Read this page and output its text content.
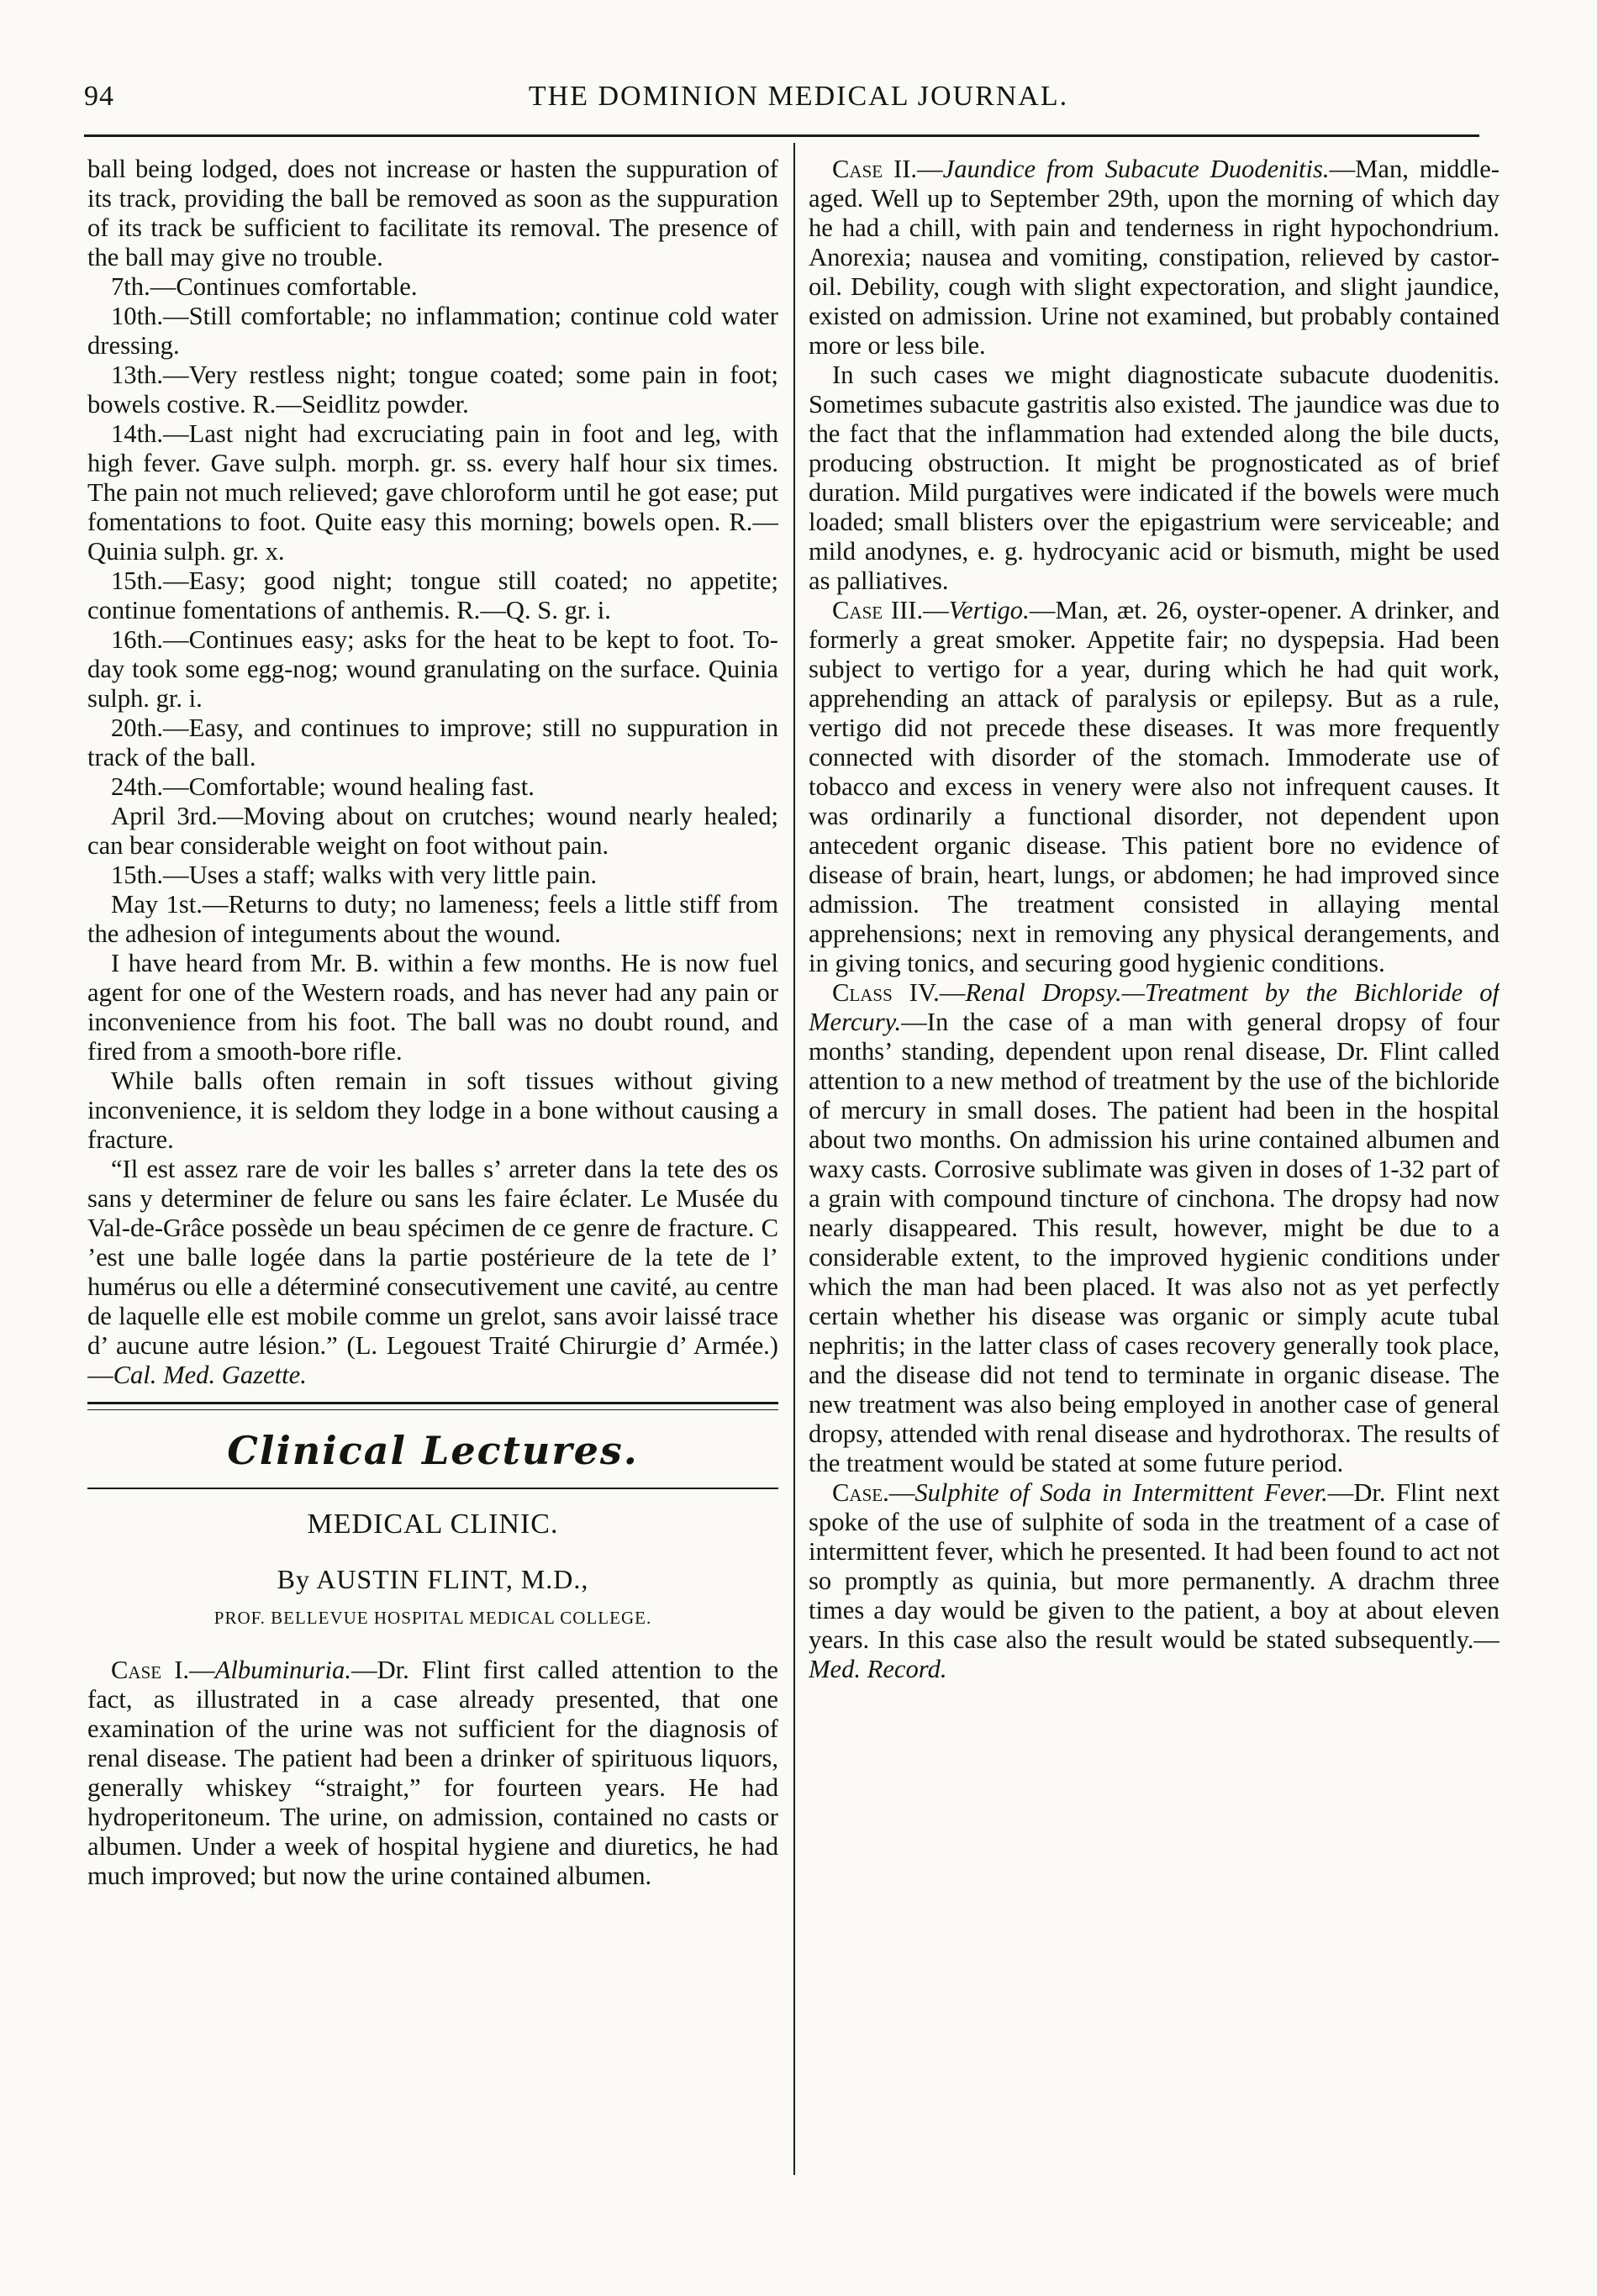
94	THE DOMINION MEDICAL JOURNAL.

ball being lodged, does not increase or hasten the suppuration of its track, providing the ball be removed as soon as the suppuration of its track be sufficient to facilitate its removal. The presence of the ball may give no trouble.

7th.—Continues comfortable.

10th.—Still comfortable; no inflammation; continue cold water dressing.

13th.—Very restless night; tongue coated; some pain in foot; bowels costive. R.—Seidlitz powder.

14th.—Last night had excruciating pain in foot and leg, with high fever. Gave sulph. morph. gr. ss. every half hour six times. The pain not much relieved; gave chloroform until he got ease; put fomentations to foot. Quite easy this morning; bowels open. R.—Quinia sulph. gr. x.

15th.—Easy; good night; tongue still coated; no appetite; continue fomentations of anthemis. R.—Q. S. gr. i.

16th.—Continues easy; asks for the heat to be kept to foot. To-day took some egg-nog; wound granulating on the surface. Quinia sulph. gr. i.

20th.—Easy, and continues to improve; still no suppuration in track of the ball.

24th.—Comfortable; wound healing fast.

April 3rd.—Moving about on crutches; wound nearly healed; can bear considerable weight on foot without pain.

15th.—Uses a staff; walks with very little pain.

May 1st.—Returns to duty; no lameness; feels a little stiff from the adhesion of integuments about the wound.

I have heard from Mr. B. within a few months. He is now fuel agent for one of the Western roads, and has never had any pain or inconvenience from his foot. The ball was no doubt round, and fired from a smooth-bore rifle.

While balls often remain in soft tissues without giving inconvenience, it is seldom they lodge in a bone without causing a fracture.

“Il est assez rare de voir les balles s’ arreter dans la tete des os sans y determiner de felure ou sans les faire éclater. Le Musée du Val-de-Grâce possède un beau spécimen de ce genre de fracture. C ’est une balle logée dans la partie postérieure de la tete de l’ humérus ou elle a déterminé consecutivement une cavité, au centre de laquelle elle est mobile comme un grelot, sans avoir laissé trace d’ aucune autre lésion.” (L. Legouest Traité Chirurgie d’ Armée.)—Cal. Med. Gazette.

Clinical Lectures.
MEDICAL CLINIC.
By AUSTIN FLINT, M.D.,
PROF. BELLEVUE HOSPITAL MEDICAL COLLEGE.

Case I.—Albuminuria.—Dr. Flint first called attention to the fact, as illustrated in a case already presented, that one examination of the urine was not sufficient for the diagnosis of renal disease. The patient had been a drinker of spirituous liquors, generally whiskey “straight,” for fourteen years. He had hydroperitoneum. The urine, on admission, contained no casts or albumen. Under a week of hospital hygiene and diuretics, he had much improved; but now the urine contained albumen.

Case II.—Jaundice from Subacute Duodenitis.—Man, middle-aged. Well up to September 29th, upon the morning of which day he had a chill, with pain and tenderness in right hypochondrium. Anorexia; nausea and vomiting, constipation, relieved by castor-oil. Debility, cough with slight expectoration, and slight jaundice, existed on admission. Urine not examined, but probably contained more or less bile.

In such cases we might diagnosticate subacute duodenitis. Sometimes subacute gastritis also existed. The jaundice was due to the fact that the inflammation had extended along the bile ducts, producing obstruction. It might be prognosticated as of brief duration. Mild purgatives were indicated if the bowels were much loaded; small blisters over the epigastrium were serviceable; and mild anodynes, e. g. hydrocyanic acid or bismuth, might be used as palliatives.

Case III.—Vertigo.—Man, æt. 26, oyster-opener. A drinker, and formerly a great smoker. Appetite fair; no dyspepsia. Had been subject to vertigo for a year, during which he had quit work, apprehending an attack of paralysis or epilepsy. But as a rule, vertigo did not precede these diseases. It was more frequently connected with disorder of the stomach. Immoderate use of tobacco and excess in venery were also not infrequent causes. It was ordinarily a functional disorder, not dependent upon antecedent organic disease. This patient bore no evidence of disease of brain, heart, lungs, or abdomen; he had improved since admission. The treatment consisted in allaying mental apprehensions; next in removing any physical derangements, and in giving tonics, and securing good hygienic conditions.

Class IV.—Renal Dropsy.—Treatment by the Bichloride of Mercury.—In the case of a man with general dropsy of four months’ standing, dependent upon renal disease, Dr. Flint called attention to a new method of treatment by the use of the bichloride of mercury in small doses. The patient had been in the hospital about two months. On admission his urine contained albumen and waxy casts. Corrosive sublimate was given in doses of 1-32 part of a grain with compound tincture of cinchona. The dropsy had now nearly disappeared. This result, however, might be due to a considerable extent, to the improved hygienic conditions under which the man had been placed. It was also not as yet perfectly certain whether his disease was organic or simply acute tubal nephritis; in the latter class of cases recovery generally took place, and the disease did not tend to terminate in organic disease. The new treatment was also being employed in another case of general dropsy, attended with renal disease and hydrothorax. The results of the treatment would be stated at some future period.

Case.—Sulphite of Soda in Intermittent Fever.—Dr. Flint next spoke of the use of sulphite of soda in the treatment of a case of intermittent fever, which he presented. It had been found to act not so promptly as quinia, but more permanently. A drachm three times a day would be given to the patient, a boy at about eleven years. In this case also the result would be stated subsequently.—Med. Record.
